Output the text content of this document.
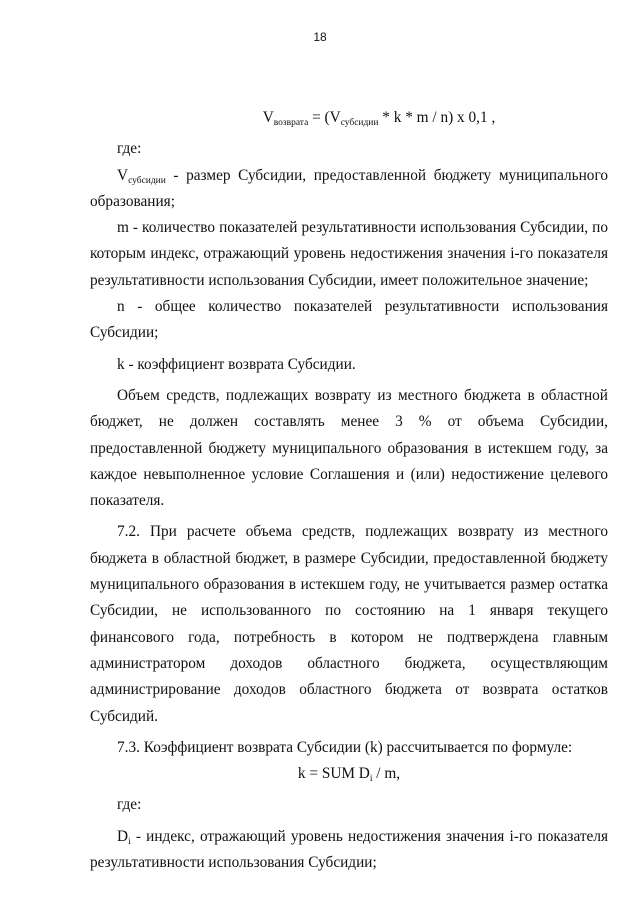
18

$V_{возврата} = (V_{субсидии} * k * m / n)$ х 0,1 ,

где:

$V_{субсидии}$ - размер Субсидии, предоставленной бюджету муниципального образования;

m - количество показателей результативности использования Субсидии, по которым индекс, отражающий уровень недостижения значения i-го показателя результативности использования Субсидии, имеет положительное значение;

n - общее количество показателей результативности использования Субсидии;

k - коэффициент возврата Субсидии.

Объем средств, подлежащих возврату из местного бюджета в областной бюджет, не должен составлять менее 3 % от объема Субсидии, предоставленной бюджету муниципального образования в истекшем году, за каждое невыполненное условие Соглашения и (или) недостижение целевого показателя.

7.2. При расчете объема средств, подлежащих возврату из местного бюджета в областной бюджет, в размере Субсидии, предоставленной бюджету муниципального образования в истекшем году, не учитывается размер остатка Субсидии, не использованного по состоянию на 1 января текущего финансового года, потребность в котором не подтверждена главным администратором доходов областного бюджета, осуществляющим администрирование доходов областного бюджета от возврата остатков Субсидий.

7.3. Коэффициент возврата Субсидии (k) рассчитывается по формуле:

k = SUM $D_i$ / m,

где:

$D_i$ - индекс, отражающий уровень недостижения значения i-го показателя результативности использования Субсидии;
